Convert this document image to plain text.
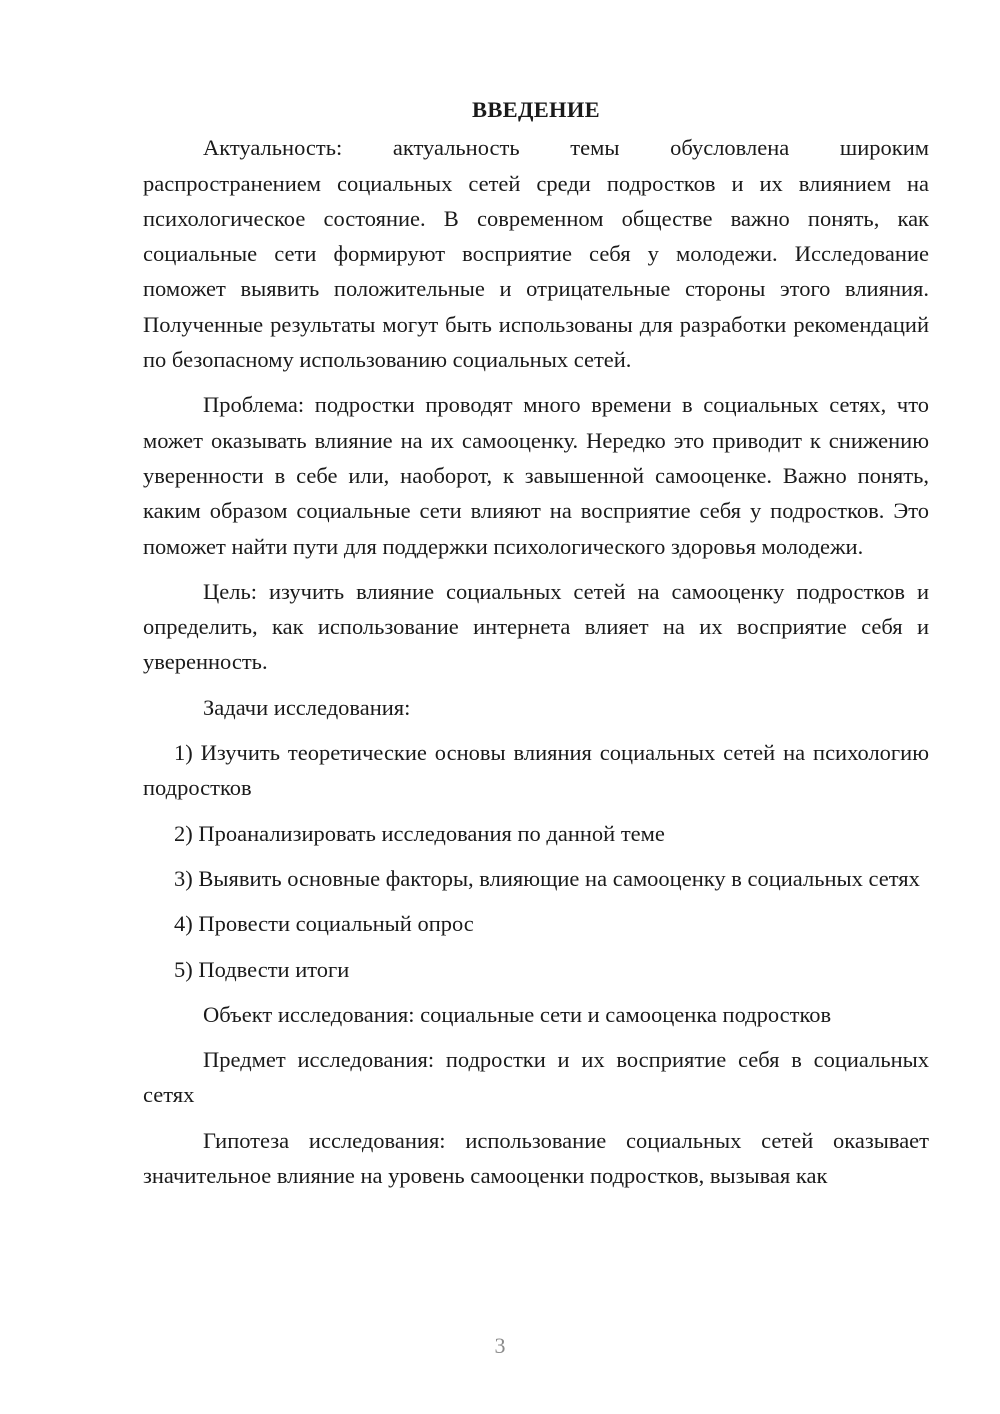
ВВЕДЕНИЕ

Актуальность: актуальность темы обусловлена широким распространением социальных сетей среди подростков и их влиянием на психологическое состояние. В современном обществе важно понять, как социальные сети формируют восприятие себя у молодежи. Исследование поможет выявить положительные и отрицательные стороны этого влияния. Полученные результаты могут быть использованы для разработки рекомендаций по безопасному использованию социальных сетей.

Проблема: подростки проводят много времени в социальных сетях, что может оказывать влияние на их самооценку. Нередко это приводит к снижению уверенности в себе или, наоборот, к завышенной самооценке. Важно понять, каким образом социальные сети влияют на восприятие себя у подростков. Это поможет найти пути для поддержки психологического здоровья молодежи.

Цель: изучить влияние социальных сетей на самооценку подростков и определить, как использование интернета влияет на их восприятие себя и уверенность.

Задачи исследования:

1) Изучить теоретические основы влияния социальных сетей на психологию подростков

2) Проанализировать исследования по данной теме

3) Выявить основные факторы, влияющие на самооценку в социальных сетях

4) Провести социальный опрос

5) Подвести итоги

Объект исследования: социальные сети и самооценка подростков

Предмет исследования: подростки и их восприятие себя в социальных сетях

Гипотеза исследования: использование социальных сетей оказывает значительное влияние на уровень самооценки подростков, вызывая как

3
